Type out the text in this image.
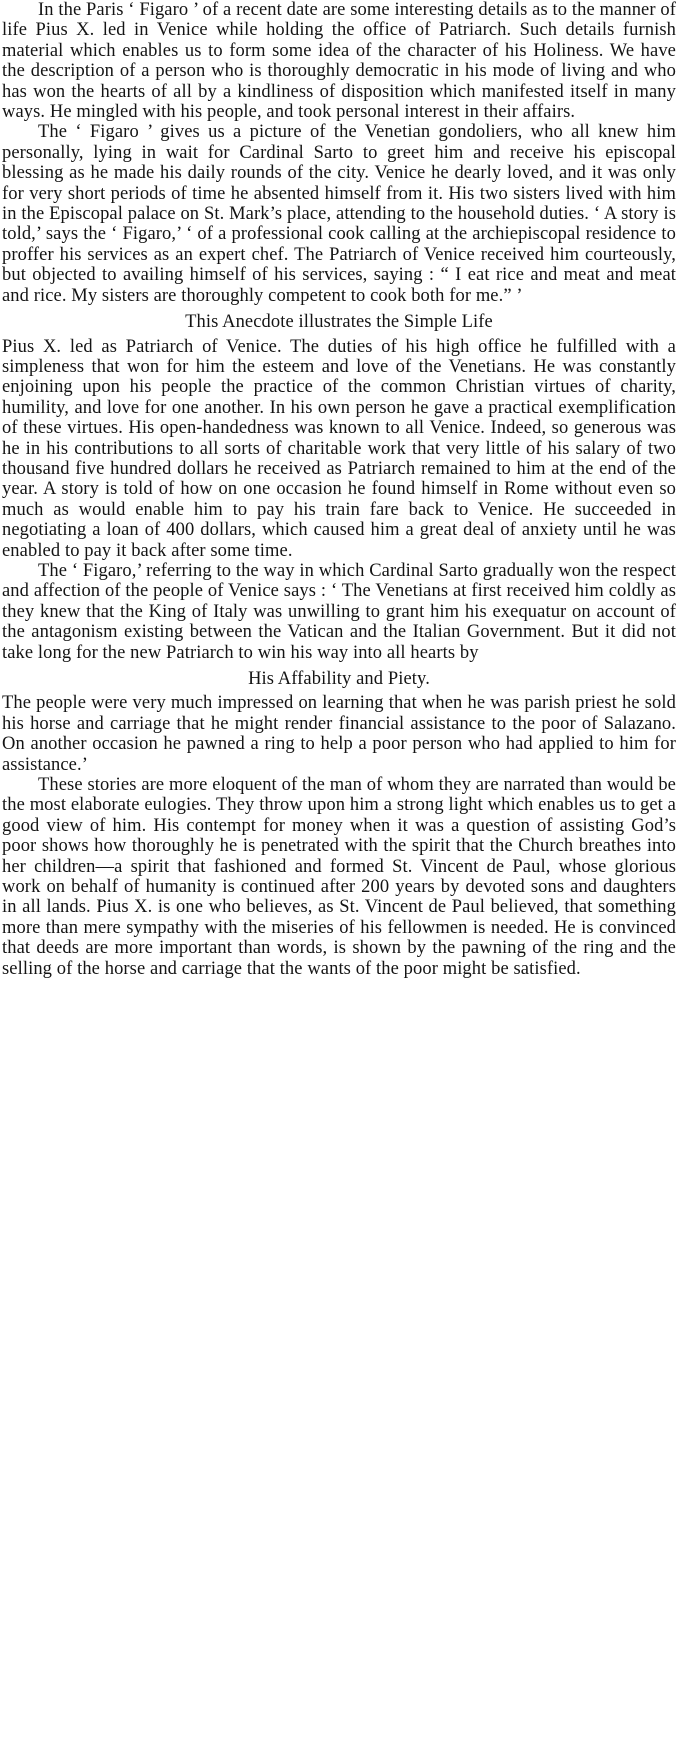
In the Paris ‘ Figaro ’ of a recent date are some interesting details as to the manner of life Pius X. led in Venice while holding the office of Patriarch. Such details furnish material which enables us to form some idea of the character of his Holiness. We have the description of a person who is thoroughly democratic in his mode of living and who has won the hearts of all by a kindliness of disposition which manifested itself in many ways. He mingled with his people, and took personal interest in their affairs.

The ‘ Figaro ’ gives us a picture of the Venetian gondoliers, who all knew him personally, lying in wait for Cardinal Sarto to greet him and receive his episcopal blessing as he made his daily rounds of the city. Venice he dearly loved, and it was only for very short periods of time he absented himself from it. His two sisters lived with him in the Episcopal palace on St. Mark’s place, attending to the household duties. ‘ A story is told,’ says the ‘ Figaro,’ ‘ of a professional cook calling at the archiepiscopal residence to proffer his services as an expert chef. The Patriarch of Venice received him courteously, but objected to availing himself of his services, saying : “ I eat rice and meat and meat and rice. My sisters are thoroughly competent to cook both for me.” ’

This Anecdote illustrates the Simple Life

Pius X. led as Patriarch of Venice. The duties of his high office he fulfilled with a simpleness that won for him the esteem and love of the Venetians. He was constantly enjoining upon his people the practice of the common Christian virtues of charity, humility, and love for one another. In his own person he gave a practical exemplification of these virtues. His open-handedness was known to all Venice. Indeed, so generous was he in his contributions to all sorts of charitable work that very little of his salary of two thousand five hundred dollars he received as Patriarch remained to him at the end of the year. A story is told of how on one occasion he found himself in Rome without even so much as would enable him to pay his train fare back to Venice. He succeeded in negotiating a loan of 400 dollars, which caused him a great deal of anxiety until he was enabled to pay it back after some time.

The ‘ Figaro,’ referring to the way in which Cardinal Sarto gradually won the respect and affection of the people of Venice says : ‘ The Venetians at first received him coldly as they knew that the King of Italy was unwilling to grant him his exequatur on account of the antagonism existing between the Vatican and the Italian Government. But it did not take long for the new Patriarch to win his way into all hearts by

His Affability and Piety.

The people were very much impressed on learning that when he was parish priest he sold his horse and carriage that he might render financial assistance to the poor of Salazano. On another occasion he pawned a ring to help a poor person who had applied to him for assistance.’

These stories are more eloquent of the man of whom they are narrated than would be the most elaborate eulogies. They throw upon him a strong light which enables us to get a good view of him. His contempt for money when it was a question of assisting God’s poor shows how thoroughly he is penetrated with the spirit that the Church breathes into her children—a spirit that fashioned and formed St. Vincent de Paul, whose glorious work on behalf of humanity is continued after 200 years by devoted sons and daughters in all lands. Pius X. is one who believes, as St. Vincent de Paul believed, that something more than mere sympathy with the miseries of his fellowmen is needed. He is convinced that deeds are more important than words, is shown by the pawning of the ring and the selling of the horse and carriage that the wants of the poor might be satisfied.
